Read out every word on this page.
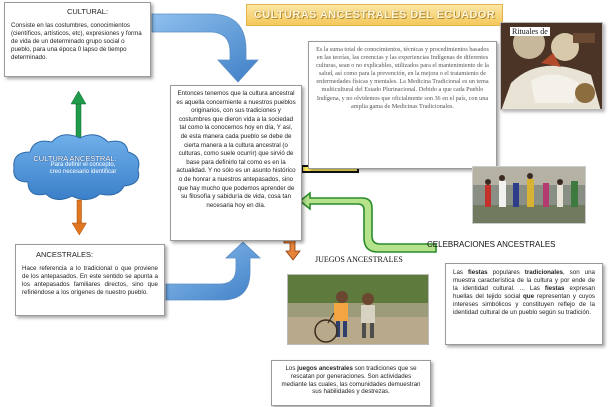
CULTURAS ANCESTRALES DEL ECUADOR
CULTURAL:
Consiste en las costumbres, conocimientos (científicos, artísticos, etc), expresiones y forma de vida de un determinado grupo social o pueblo, para una época 0 lapso de tiempo determinado.
Es la suma total de conocimientos, técnicas y procedimientos basados en las teorías, las creencias y las experiencias Indígenas de diferentes culturas, sean o no explicables, utilizados para el mantenimiento de la salud, así como para la prevención, en la mejora o el tratamiento de enfermedades físicas y mentales. La Medicina Tradicional es un tema multicultural del Estado Plurinacional. Debido a que cada Pueblo Indígena, y no olvidemos que oficialmente son 36 en el país, con una amplia gama de Medicinas Tradicionales.
Rituales de
Entonces tenemos que la cultura ancestral es aquella concerniente a nuestros pueblos originarios, con sus tradiciones y costumbres que dieron vida a la sociedad tal como la conocemos hoy en día, Y así, de esta manera cada pueblo se debe de cierta manera a la cultura ancestral (o culturas, como suele ocurrir) que sirvió de base para definirlo tal como es en la actualidad. Y no sólo es un asunto histórico o de honrar a nuestros antepasados, sino que hay mucho que podemos aprender de su filosofía y sabiduría de vida, cosa tan necesaria hoy en día.
CULTURA ANCESTRAL:
Para definir el concepto, creo necesario identificar
ANCESTRALES:
Hace referencia a lo tradicional o que proviene de los antepasados. En este sentido se apunta a los antepasados familiares directos, sino que refiriéndose a los orígenes de nuestro pueblo.
CELEBRACIONES ANCESTRALES
JUEGOS ANCESTRALES
Las fiestas populares tradicionales, son una muestra característica de la cultura y por ende de la identidad cultural. ... Las fiestas expresan huellas del tejido social que representan y cuyos intereses simbólicos y constituyen reflejo de la identidad cultural de un pueblo según su tradición.
Los juegos ancestrales son tradiciones que se rescatan por generaciones. Son actividades mediante las cuales, las comunidades demuestran sus habilidades y destrezas.
